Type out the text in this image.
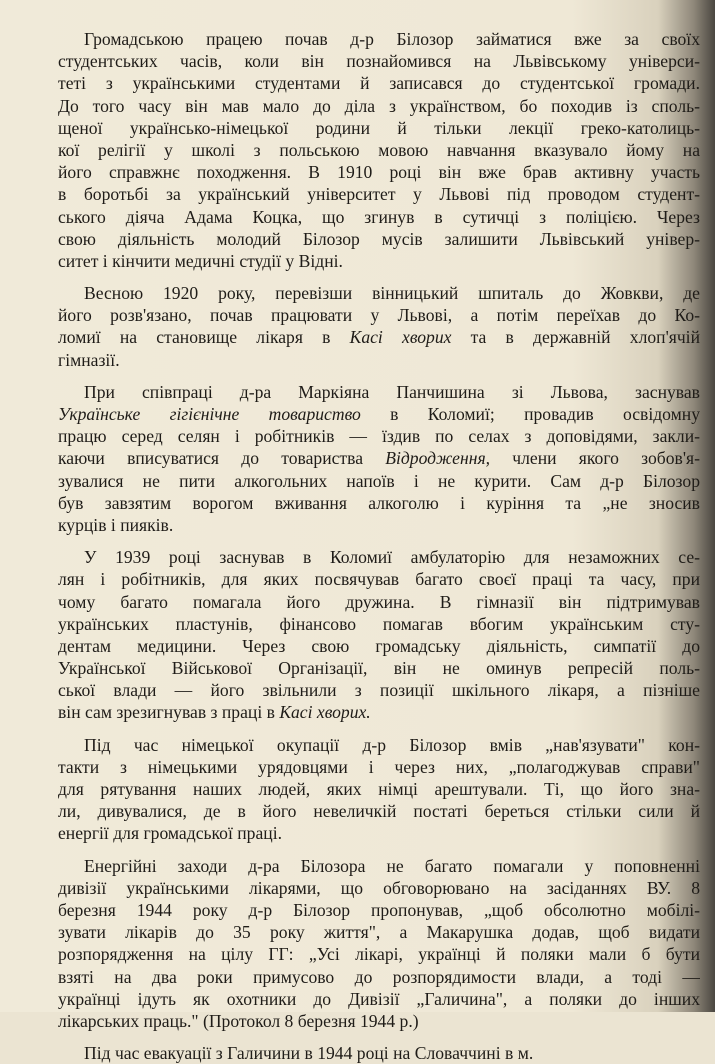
Громадською працею почав д-р Білозор займатися вже за своїх
студентських часів, коли він познайомився на Львівському універси-
теті з українськими студентами й записався до студентської громади.
До того часу він мав мало до діла з українством, бо походив із споль-
щеної українсько-німецької родини й тільки лекції греко-католиць-
кої релігії у школі з польською мовою навчання вказувало йому на
його справжнє походження. В 1910 році він вже брав активну участь
в боротьбі за український університет у Львові під проводом студент-
ського діяча Адама Коцка, що згинув в сутичці з поліцією. Через
свою діяльність молодий Білозор мусів залишити Львівський універ-
ситет і кінчити медичні студії у Відні.
Весною 1920 року, перевізши вінницький шпиталь до Жовкви, де
його розв'язано, почав працювати у Львові, а потім переїхав до Ко-
ломиї на становище лікаря в Касі хворих та в державній хлоп'ячій
гімназії.
При співпраці д-ра Маркіяна Панчишина зі Львова, заснував
Українське гігієнічне товариство в Коломиї; провадив освідомну
працю серед селян і робітників — їздив по селах з доповідями, закли-
каючи вписуватися до товариства Відродження, члени якого зобов'я-
зувалися не пити алкогольних напоїв і не курити. Сам д-р Білозор
був завзятим ворогом вживання алкоголю і куріння та „не зносив
курців і пияків.
У 1939 році заснував в Коломиї амбулаторію для незаможних се-
лян і робітників, для яких посвячував багато своєї праці та часу, при
чому багато помагала його дружина. В гімназії він підтримував
українських пластунів, фінансово помагав вбогим українським сту-
дентам медицини. Через свою громадську діяльність, симпатії до
Української Військової Організації, він не оминув репресій поль-
ської влади — його звільнили з позиції шкільного лікаря, а пізніше
він сам зрезигнував з праці в Касі хворих.
Під час німецької окупації д-р Білозор вмів „нав'язувати" кон-
такти з німецькими урядовцями і через них, „полагоджував справи"
для рятування наших людей, яких німці арештували. Ті, що його зна-
ли, дивувалися, де в його невеличкій постаті береться стільки сили й
енергії для громадської праці.
Енергійні заходи д-ра Білозора не багато помагали у поповненні
дивізії українськими лікарями, що обговорювано на засіданнях ВУ. 8
березня 1944 року д-р Білозор пропонував, „щоб обсолютно мобілі-
зувати лікарів до 35 року життя", а Макарушка додав, щоб видати
розпорядження на цілу ГГ: „Усі лікарі, українці й поляки мали б бути
взяті на два роки примусово до розпорядимости влади, а тоді —
українці ідуть як охотники до Дивізії „Галичина", а поляки до інших
лікарських праць." (Протокол 8 березня 1944 р.)
Під час евакуації з Галичини в 1944 році на Словаччині в м.
